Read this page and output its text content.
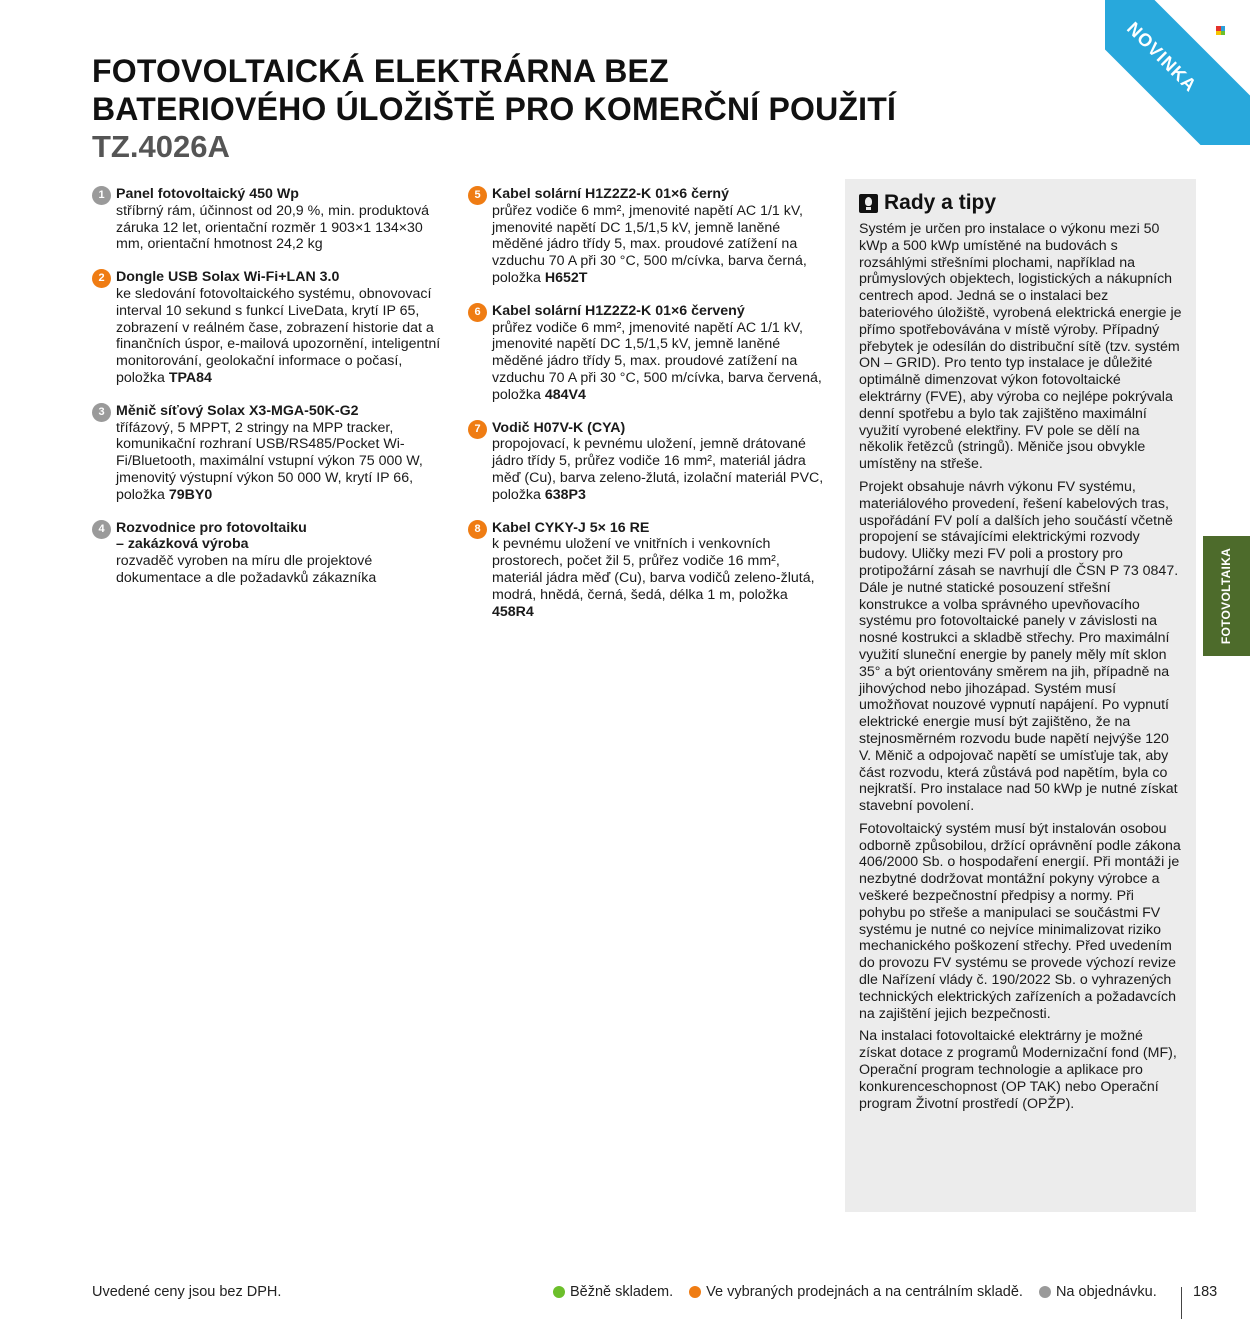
NOVINKA
FOTOVOLTAICKÁ ELEKTRÁRNA BEZ
BATERIOVÉHO ÚLOŽIŠTĚ PRO KOMERČNÍ POUŽITÍ
TZ.4026A
1 Panel fotovoltaický 450 Wp
stříbrný rám, účinnost od 20,9 %, min. produktová záruka 12 let, orientační rozměr 1 903×1 134×30 mm, orientační hmotnost 24,2 kg
2 Dongle USB Solax Wi-Fi+LAN 3.0
ke sledování fotovoltaického systému, obnovovací interval 10 sekund s funkcí LiveData, krytí IP 65, zobrazení v reálném čase, zobrazení historie dat a finančních úspor, e-mailová upozornění, inteligentní monitorování, geolokační informace o počasí, položka TPA84
3 Měnič síťový Solax X3-MGA-50K-G2
třífázový, 5 MPPT, 2 stringy na MPP tracker, komunikační rozhraní USB/RS485/Pocket Wi-Fi/Bluetooth, maximální vstupní výkon 75 000 W, jmenovitý výstupní výkon 50 000 W, krytí IP 66, položka 79BY0
4 Rozvodnice pro fotovoltaiku
– zakázková výroba
rozvaděč vyroben na míru dle projektové dokumentace a dle požadavků zákazníka
5 Kabel solární H1Z2Z2-K 01×6 černý
průřez vodiče 6 mm², jmenovité napětí AC 1/1 kV, jmenovité napětí DC 1,5/1,5 kV, jemně laněné měděné jádro třídy 5, max. proudové zatížení na vzduchu 70 A při 30 °C, 500 m/cívka, barva černá, položka H652T
6 Kabel solární H1Z2Z2-K 01×6 červený
průřez vodiče 6 mm², jmenovité napětí AC 1/1 kV, jmenovité napětí DC 1,5/1,5 kV, jemně laněné měděné jádro třídy 5, max. proudové zatížení na vzduchu 70 A při 30 °C, 500 m/cívka, barva červená, položka 484V4
7 Vodič H07V-K (CYA)
propojovací, k pevnému uložení, jemně drátované jádro třídy 5, průřez vodiče 16 mm², materiál jádra měď (Cu), barva zeleno-žlutá, izolační materiál PVC, položka 638P3
8 Kabel CYKY-J 5× 16 RE
k pevnému uložení ve vnitřních i venkovních prostorech, počet žil 5, průřez vodiče 16 mm², materiál jádra měď (Cu), barva vodičů zeleno-žlutá, modrá, hnědá, černá, šedá, délka 1 m, položka 458R4
Rady a tipy

Systém je určen pro instalace o výkonu mezi 50 kWp a 500 kWp umístěné na budovách s rozsáhlými střešními plochami, například na průmyslových objektech, logistických a nákupních centrech apod. Jedná se o instalaci bez bateriového úložiště, vyrobená elektrická energie je přímo spotřebovávána v místě výroby. Případný přebytek je odesílán do distribuční sítě (tzv. systém ON – GRID). Pro tento typ instalace je důležité optimálně dimenzovat výkon fotovoltaické elektrárny (FVE), aby výroba co nejlépe pokrývala denní spotřebu a bylo tak zajištěno maximální využití vyrobené elektřiny. FV pole se dělí na několik řetězců (stringů). Měniče jsou obvykle umístěny na střeše.

Projekt obsahuje návrh výkonu FV systému, materiálového provedení, řešení kabelových tras, uspořádání FV polí a dalších jeho součástí včetně propojení se stávajícími elektrickými rozvody budovy. Uličky mezi FV poli a prostory pro protipožární zásah se navrhují dle ČSN P 73 0847. Dále je nutné statické posouzení střešní konstrukce a volba správného upevňovacího systému pro fotovoltaické panely v závislosti na nosné kostrukci a skladbě střechy. Pro maximální využití sluneční energie by panely měly mít sklon 35° a být orientovány směrem na jih, případně na jihovýchod nebo jihozápad. Systém musí umožňovat nouzové vypnutí napájení. Po vypnutí elektrické energie musí být zajištěno, že na stejnosměrném rozvodu bude napětí nejvýše 120 V. Měnič a odpojovač napětí se umísťuje tak, aby část rozvodu, která zůstává pod napětím, byla co nejkratší. Pro instalace nad 50 kWp je nutné získat stavební povolení.

Fotovoltaický systém musí být instalován osobou odborně způsobilou, držící oprávnění podle zákona 406/2000 Sb. o hospodaření energií. Při montáži je nezbytné dodržovat montážní pokyny výrobce a veškeré bezpečnostní předpisy a normy. Při pohybu po střeše a manipulaci se součástmi FV systému je nutné co nejvíce minimalizovat riziko mechanického poškození střechy. Před uvedením do provozu FV systému se provede výchozí revize dle Nařízení vlády č. 190/2022 Sb. o vyhrazených technických elektrických zařízeních a požadavcích na zajištění jejich bezpečnosti.

Na instalaci fotovoltaické elektrárny je možné získat dotace z programů Modernizační fond (MF), Operační program technologie a aplikace pro konkurenceschopnost (OP TAK) nebo Operační program Životní prostředí (OPŽP).

FOTOVOLTAIKA
Uvedené ceny jsou bez DPH.	Běžně skladem. Ve vybraných prodejnách a na centrálním skladě. Na objednávku.	183
